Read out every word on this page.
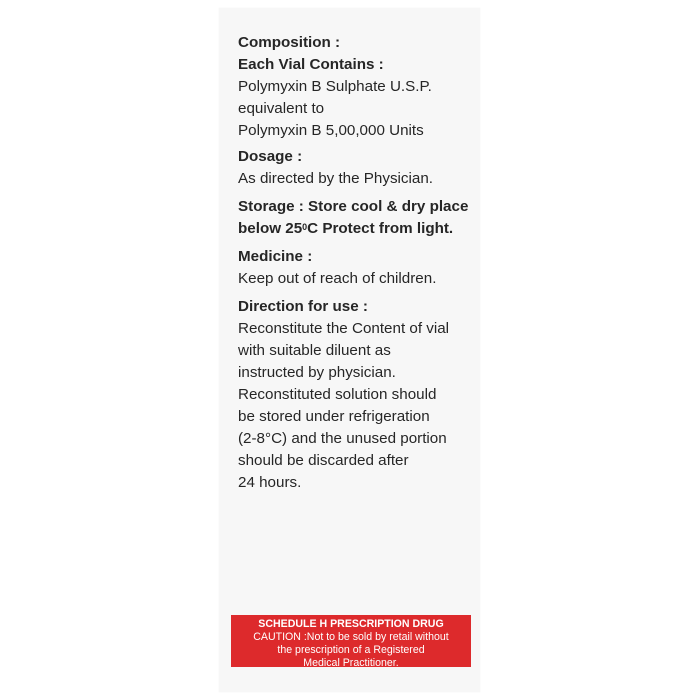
Composition :
Each Vial Contains :
Polymyxin B Sulphate U.S.P.
equivalent to
Polymyxin B 5,00,000 Units
Dosage :
As directed by the Physician.
Storage : Store cool & dry place
below $25^0C$ Protect from light.
Medicine :
Keep out of reach of children.
Direction for use :
Reconstitute the Content of vial
with suitable diluent as
instructed by physician.
Reconstituted solution should
be stored under refrigeration
(2-8°C) and the unused portion
should be discarded after
24 hours.
SCHEDULE H PRESCRIPTION DRUG
CAUTION :Not to be sold by retail without
the prescription of a Registered
Medical Practitioner.
